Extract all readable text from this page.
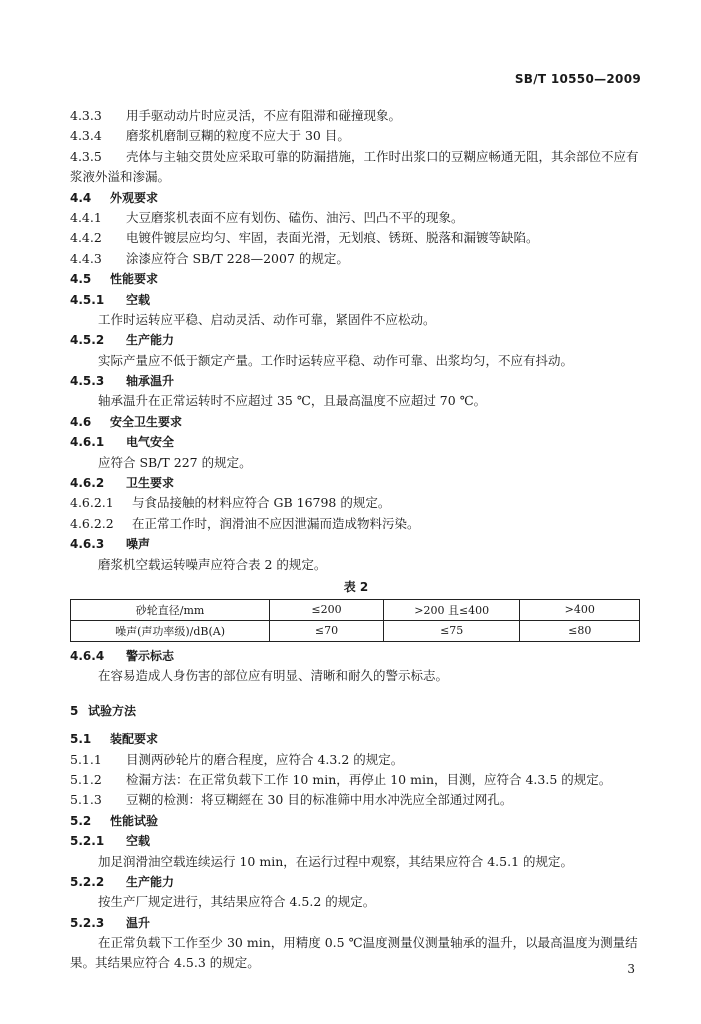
SB/T 10550—2009
4.3.3 用手驱动动片时应灵活，不应有阻滞和碰撞现象。
4.3.4 磨浆机磨制豆糊的粒度不应大于 30 目。
4.3.5 壳体与主轴交贯处应采取可靠的防漏措施，工作时出浆口的豆糊应畅通无阻，其余部位不应有
浆液外溢和渗漏。
4.4 外观要求
4.4.1 大豆磨浆机表面不应有划伤、磕伤、油污、凹凸不平的现象。
4.4.2 电镀件镀层应均匀、牢固，表面光滑，无划痕、锈斑、脱落和漏镀等缺陷。
4.4.3 涂漆应符合 SB/T 228—2007 的规定。
4.5 性能要求
4.5.1 空载
工作时运转应平稳、启动灵活、动作可靠，紧固件不应松动。
4.5.2 生产能力
实际产量应不低于额定产量。工作时运转应平稳、动作可靠、出浆均匀，不应有抖动。
4.5.3 轴承温升
轴承温升在正常运转时不应超过 35 ℃，且最高温度不应超过 70 ℃。
4.6 安全卫生要求
4.6.1 电气安全
应符合 SB/T 227 的规定。
4.6.2 卫生要求
4.6.2.1 与食品接触的材料应符合 GB 16798 的规定。
4.6.2.2 在正常工作时，润滑油不应因泄漏而造成物料污染。
4.6.3 噪声
磨浆机空载运转噪声应符合表 2 的规定。
表 2
砂轮直径/mm	≤200	>200 且≤400	>400
噪声(声功率级)/dB(A)	≤70	≤75	≤80
4.6.4 警示标志
在容易造成人身伤害的部位应有明显、清晰和耐久的警示标志。
5 试验方法
5.1 装配要求
5.1.1 目测两砂轮片的磨合程度，应符合 4.3.2 的规定。
5.1.2 检漏方法：在正常负载下工作 10 min，再停止 10 min，目测，应符合 4.3.5 的规定。
5.1.3 豆糊的检测：将豆糊經在 30 目的标准筛中用水冲洗应全部通过网孔。
5.2 性能试验
5.2.1 空载
加足润滑油空载连续运行 10 min，在运行过程中观察，其结果应符合 4.5.1 的规定。
5.2.2 生产能力
按生产厂规定进行，其结果应符合 4.5.2 的规定。
5.2.3 温升
在正常负载下工作至少 30 min，用精度 0.5 ℃温度测量仪测量轴承的温升，以最高温度为测量结
果。其结果应符合 4.5.3 的规定。	3
